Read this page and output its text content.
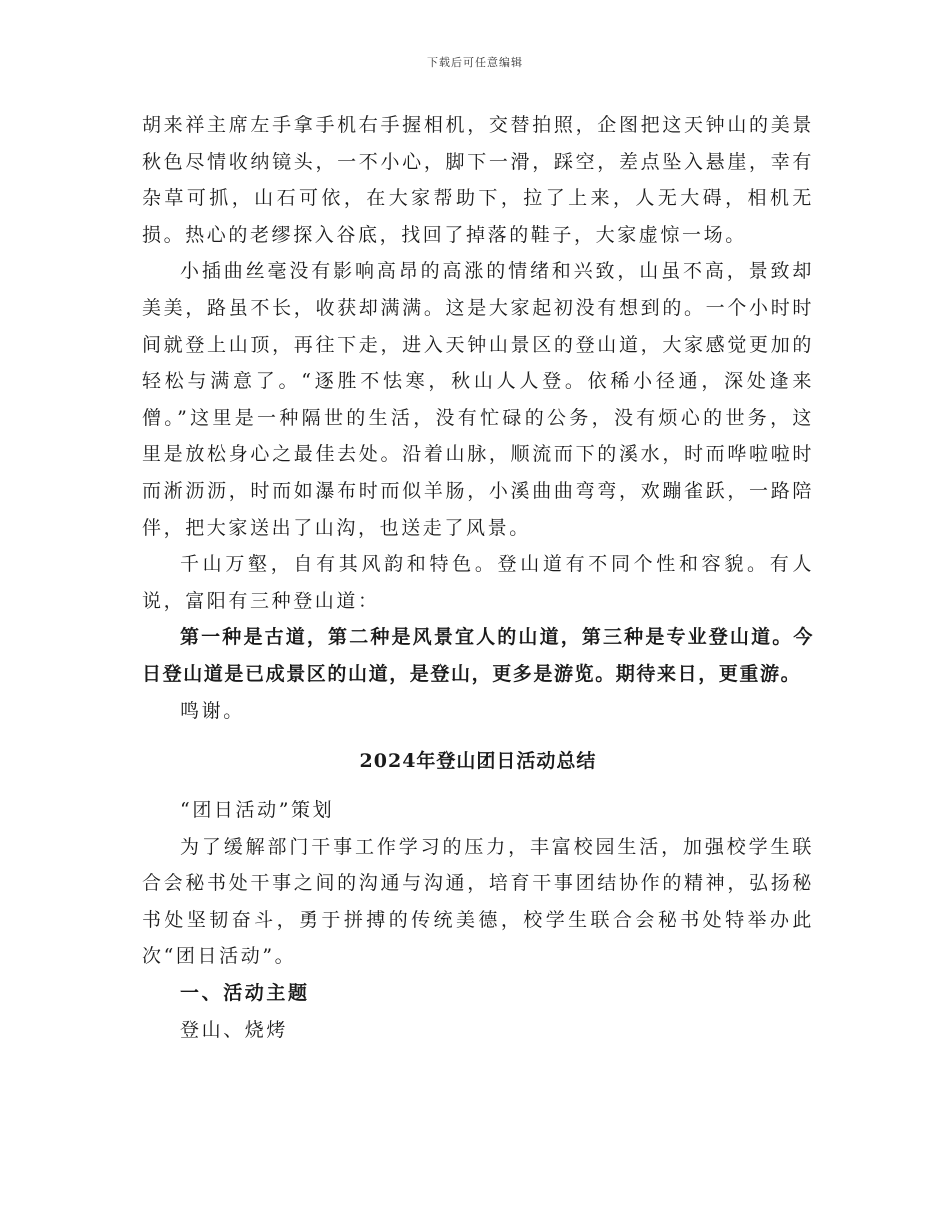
下载后可任意编辑

胡来祥主席左手拿手机右手握相机，交替拍照，企图把这天钟山的美景秋色尽情收纳镜头，一不小心，脚下一滑，踩空，差点坠入悬崖，幸有杂草可抓，山石可依，在大家帮助下，拉了上来，人无大碍，相机无损。热心的老缪探入谷底，找回了掉落的鞋子，大家虚惊一场。

小插曲丝毫没有影响高昂的高涨的情绪和兴致，山虽不高，景致却美美，路虽不长，收获却满满。这是大家起初没有想到的。一个小时时间就登上山顶，再往下走，进入天钟山景区的登山道，大家感觉更加的轻松与满意了。“逐胜不怯寒，秋山人人登。依稀小径通，深处逢来僧。”这里是一种隔世的生活，没有忙碌的公务，没有烦心的世务，这里是放松身心之最佳去处。沿着山脉，顺流而下的溪水，时而哗啦啦时而淅沥沥，时而如瀑布时而似羊肠，小溪曲曲弯弯，欢蹦雀跃，一路陪伴，把大家送出了山沟，也送走了风景。

千山万壑，自有其风韵和特色。登山道有不同个性和容貌。有人说，富阳有三种登山道：

第一种是古道，第二种是风景宜人的山道，第三种是专业登山道。今日登山道是已成景区的山道，是登山，更多是游览。期待来日，更重游。

鸣谢。

2024年登山团日活动总结

“团日活动”策划

为了缓解部门干事工作学习的压力，丰富校园生活，加强校学生联合会秘书处干事之间的沟通与沟通，培育干事团结协作的精神，弘扬秘书处坚韧奋斗，勇于拼搏的传统美德，校学生联合会秘书处特举办此次“团日活动”。

一、活动主题

登山、烧烤
